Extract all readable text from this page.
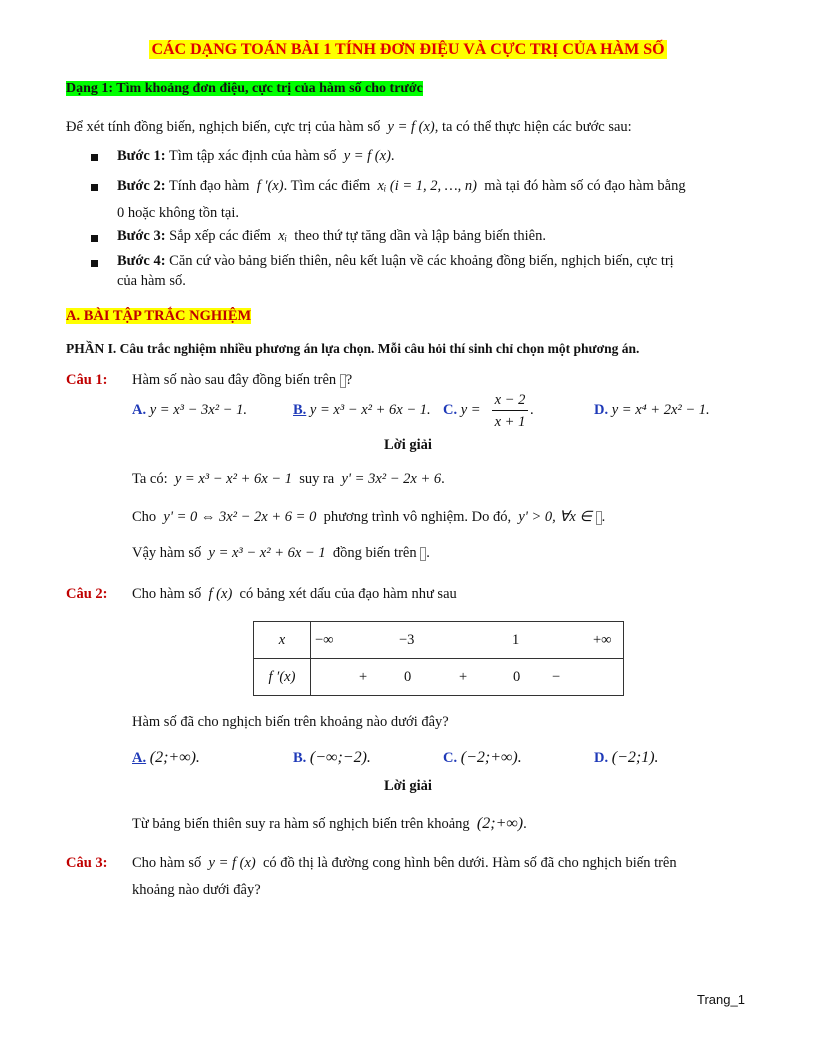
CÁC DẠNG TOÁN BÀI 1 TÍNH ĐƠN ĐIỆU VÀ CỰC TRỊ CỦA HÀM SỐ
Dạng 1: Tìm khoảng đơn điệu, cực trị của hàm số cho trước
Để xét tính đồng biến, nghịch biến, cực trị của hàm số y = f (x), ta có thể thực hiện các bước sau:
Bước 1: Tìm tập xác định của hàm số y = f (x).
Bước 2: Tính đạo hàm f '(x). Tìm các điểm xᵢ (i = 1, 2, …, n) mà tại đó hàm số có đạo hàm bằng
0 hoặc không tồn tại.
Bước 3: Sắp xếp các điểm xᵢ theo thứ tự tăng dần và lập bảng biến thiên.
Bước 4: Căn cứ vào bảng biến thiên, nêu kết luận về các khoảng đồng biến, nghịch biến, cực trị
của hàm số.
A. BÀI TẬP TRẮC NGHIỆM
PHẦN I. Câu trắc nghiệm nhiều phương án lựa chọn. Mỗi câu hỏi thí sinh chỉ chọn một phương án.
Câu 1: Hàm số nào sau đây đồng biến trên ?
A. y = x³ − 3x² − 1.	B. y = x³ − x² + 6x − 1. C. y =
x − 2
x + 1
.	D. y = x⁴ + 2x² − 1.
Lời giải
Ta có: y = x³ − x² + 6x − 1 suy ra y' = 3x² − 2x + 6.
Cho y' = 0 ⇔ 3x² − 2x + 6 = 0 phương trình vô nghiệm. Do đó, y' > 0, ∀x ∈ .
Vậy hàm số y = x³ − x² + 6x − 1 đồng biến trên .
Câu 2: Cho hàm số f (x) có bảng xét dấu của đạo hàm như sau
x	−∞ −3 1 +∞

f ′(x)	+ 0 + 0 −
Hàm số đã cho nghịch biến trên khoảng nào dưới đây?
A. (2;+∞).	B. (−∞;−2).	C. (−2;+∞).	D. (−2;1).
Lời giải
Từ bảng biến thiên suy ra hàm số nghịch biến trên khoảng (2;+∞).
Câu 3: Cho hàm số y = f (x) có đồ thị là đường cong hình bên dưới. Hàm số đã cho nghịch biến trên
khoảng nào dưới đây?
Trang_1
